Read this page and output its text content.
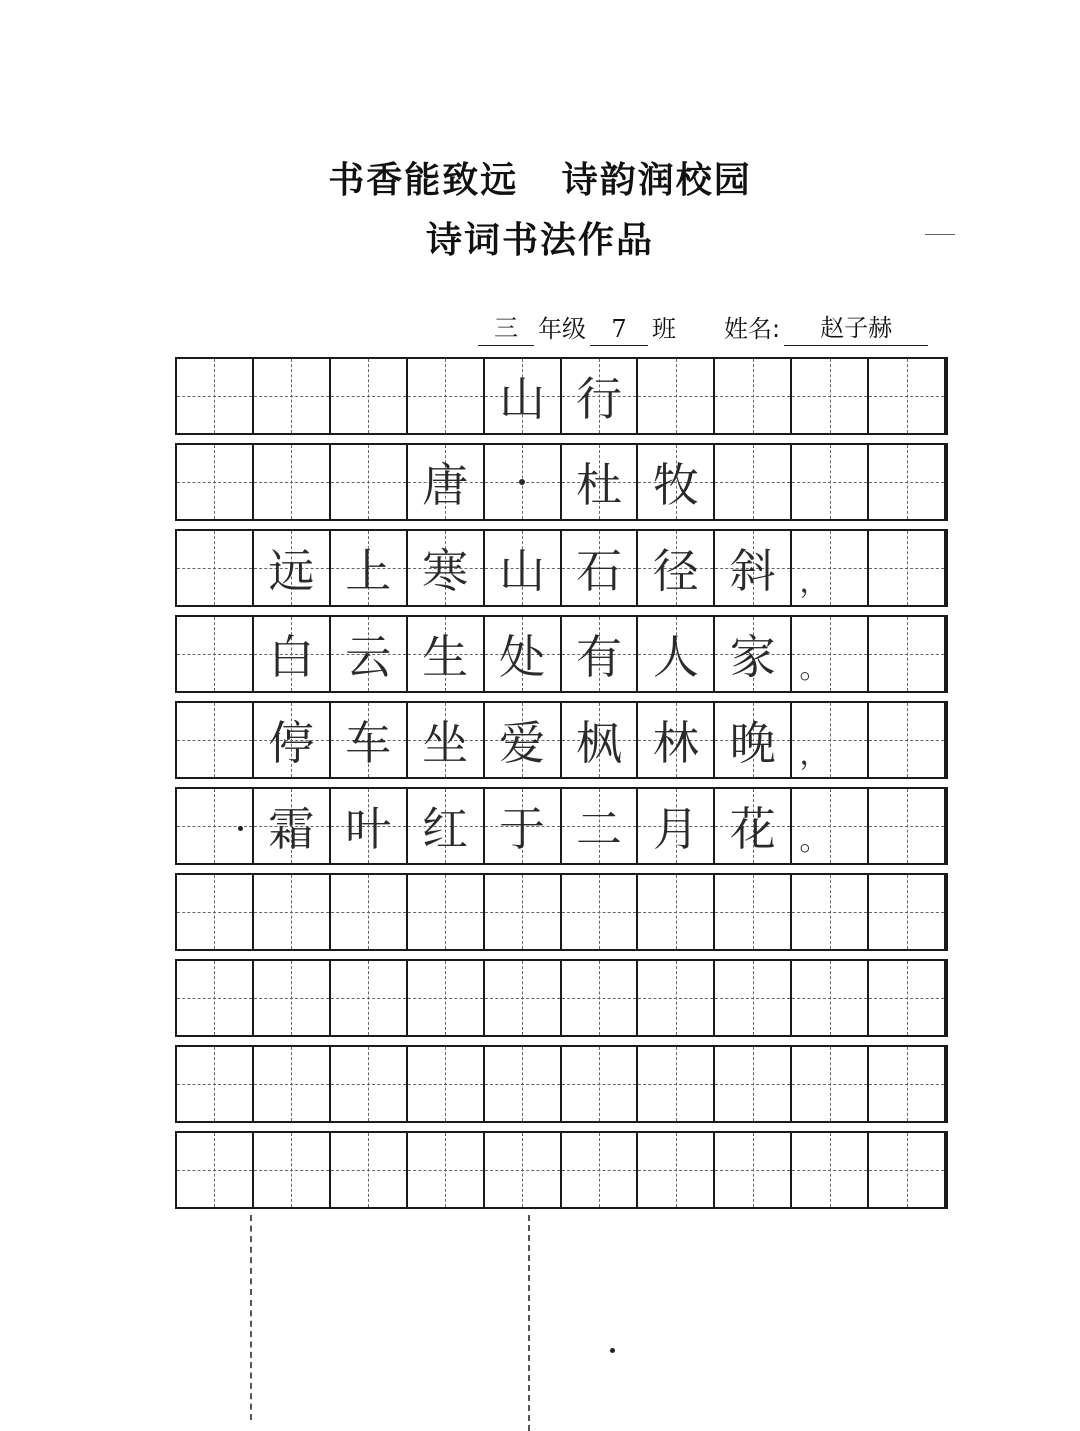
书香能致远   诗韵润校园
诗词书法作品
三 年级	7	班 姓名:	赵子赫
山 行
唐	·	杜 牧
远 上 寒 山 石 径 斜 ，
白 云 生 处 有 人 家 。
停 车 坐 爱 枫 林 晚 ，
霜 叶 红 于 二 月 花 。
